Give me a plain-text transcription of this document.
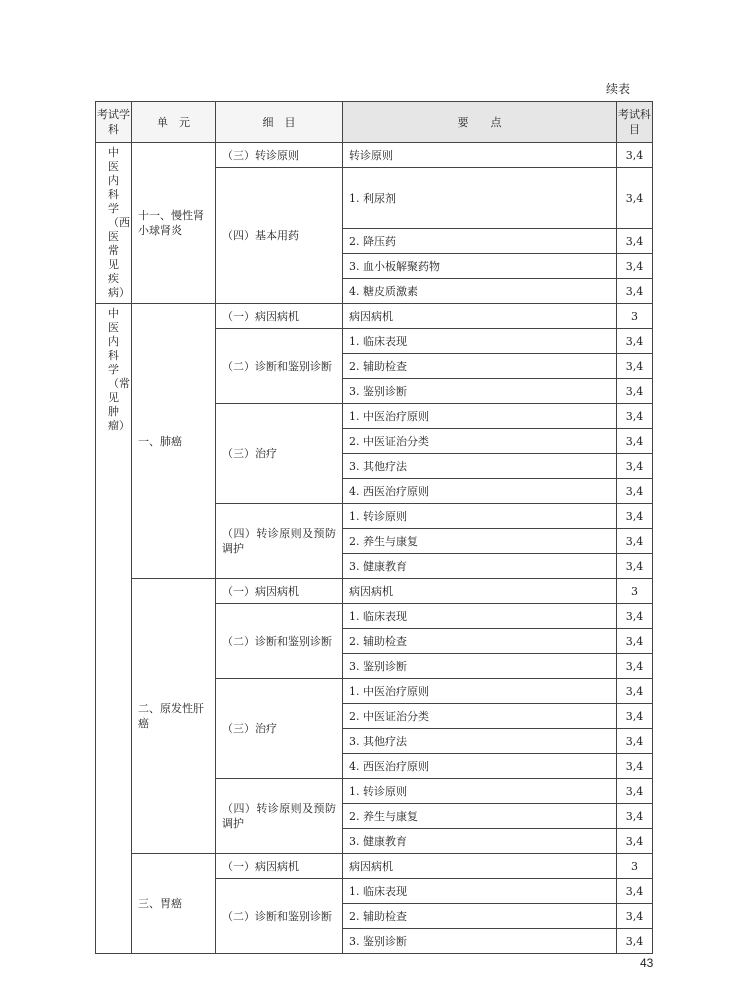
续表
考试学科	单　元	细　目	要　　点	考试科目
中医内科学（西医常见疾病）	十一、慢性肾小球肾炎	（三）转诊原则	转诊原则	3,4

		（四）基本用药	1. 利尿剂	3,4
			2. 降压药	3,4
			3. 血小板解聚药物	3,4
			4. 糖皮质激素	3,4
中医内科学（常见肿瘤）	一、肺癌	（一）病因病机	病因病机	3

		（二）诊断和鉴别诊断	1. 临床表现	3,4
			2. 辅助检查	3,4
			3. 鉴别诊断	3,4

		（三）治疗	1. 中医治疗原则	3,4
			2. 中医证治分类	3,4
			3. 其他疗法	3,4
			4. 西医治疗原则	3,4

		（四）转诊原则及预防调护	1. 转诊原则	3,4
			2. 养生与康复	3,4
			3. 健康教育	3,4
	二、原发性肝癌	（一）病因病机	病因病机	3

		（二）诊断和鉴别诊断	1. 临床表现	3,4
			2. 辅助检查	3,4
			3. 鉴别诊断	3,4

		（三）治疗	1. 中医治疗原则	3,4
			2. 中医证治分类	3,4
			3. 其他疗法	3,4
			4. 西医治疗原则	3,4

		（四）转诊原则及预防调护	1. 转诊原则	3,4
			2. 养生与康复	3,4
			3. 健康教育	3,4
	三、胃癌	（一）病因病机	病因病机	3

		（二）诊断和鉴别诊断	1. 临床表现	3,4
			2. 辅助检查	3,4
			3. 鉴别诊断	3,4
43
